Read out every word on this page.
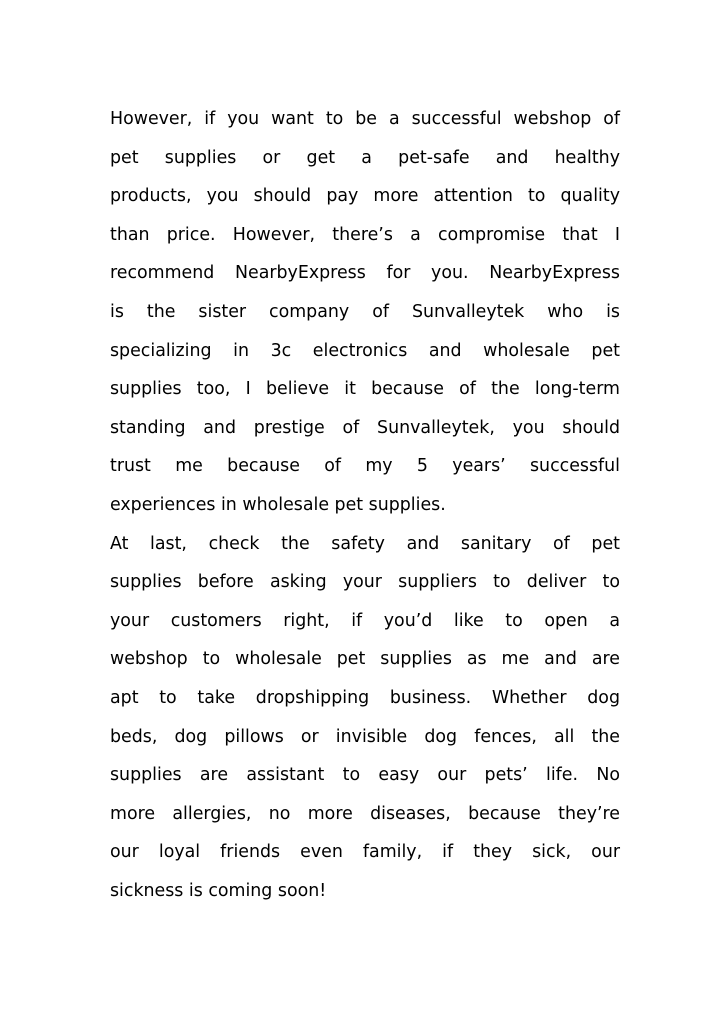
However, if you want to be a successful webshop of
pet supplies or get a pet-safe and healthy
products, you should pay more attention to quality
than price. However, there’s a compromise that I
recommend NearbyExpress for you. NearbyExpress
is the sister company of Sunvalleytek who is
specializing in 3c electronics and wholesale pet
supplies too, I believe it because of the long-term
standing and prestige of Sunvalleytek, you should
trust me because of my 5 years’ successful
experiences in wholesale pet supplies.
At last, check the safety and sanitary of pet
supplies before asking your suppliers to deliver to
your customers right, if you’d like to open a
webshop to wholesale pet supplies as me and are
apt to take dropshipping business. Whether dog
beds, dog pillows or invisible dog fences, all the
supplies are assistant to easy our pets’ life. No
more allergies, no more diseases, because they’re
our loyal friends even family, if they sick, our
sickness is coming soon!
